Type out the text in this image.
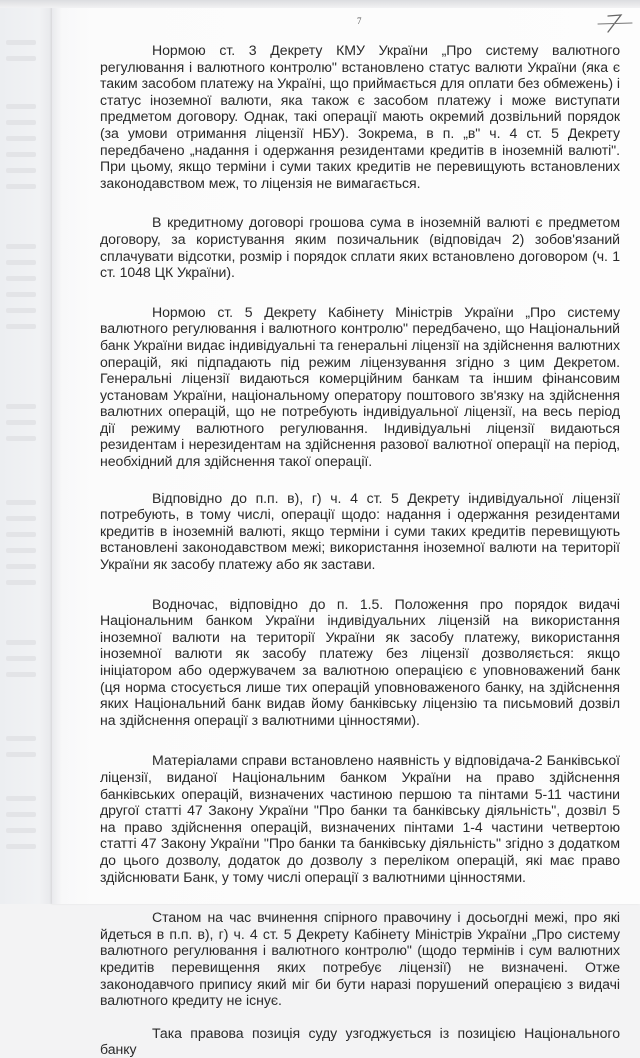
7

Нормою ст. 3 Декрету КМУ України „Про систему валютного регулювання і валютного контролю" встановлено статус валюти України (яка є таким засобом платежу на Україні, що приймається для оплати без обмежень) і статус іноземної валюти, яка також є засобом платежу і може виступати предметом договору. Однак, такі операції мають окремий дозвільний порядок (за умови отримання ліцензії НБУ). Зокрема, в п. „в" ч. 4 ст. 5 Декрету передбачено „надання і одержання резидентами кредитів в іноземній валюті". При цьому, якщо терміни і суми таких кредитів не перевищують встановлених законодавством меж, то ліцензія не вимагається.

В кредитному договорі грошова сума в іноземній валюті є предметом договору, за користування яким позичальник (відповідач 2) зобов'язаний сплачувати відсотки, розмір і порядок сплати яких встановлено договором (ч. 1 ст. 1048 ЦК України).

Нормою ст. 5 Декрету Кабінету Міністрів України „Про систему валютного регулювання і валютного контролю" передбачено, що Національний банк України видає індивідуальні та генеральні ліцензії на здійснення валютних операцій, які підпадають під режим ліцензування згідно з цим Декретом. Генеральні ліцензії видаються комерційним банкам та іншим фінансовим установам України, національному оператору поштового зв'язку на здійснення валютних операцій, що не потребують індивідуальної ліцензії, на весь період дії режиму валютного регулювання. Індивідуальні ліцензії видаються резидентам і нерезидентам на здійснення разової валютної операції на період, необхідний для здійснення такої операції.

Відповідно до п.п. в), г) ч. 4 ст. 5 Декрету індивідуальної ліцензії потребують, в тому числі, операції щодо: надання і одержання резидентами кредитів в іноземній валюті, якщо терміни і суми таких кредитів перевищують встановлені законодавством межі; використання іноземної валюти на території України як засобу платежу або як застави.

Водночас, відповідно до п. 1.5. Положення про порядок видачі Національним банком України індивідуальних ліцензій на використання іноземної валюти на території України як засобу платежу, використання іноземної валюти як засобу платежу без ліцензії дозволяється: якщо ініціатором або одержувачем за валютною операцією є уповноважений банк (ця норма стосується лише тих операцій уповноваженого банку, на здійснення яких Національний банк видав йому банківську ліцензію та письмовий дозвіл на здійснення операції з валютними цінностями).

Матеріалами справи встановлено наявність у відповідача-2 Банківської ліцензії, виданої Національним банком України на право здійснення банківських операцій, визначених частиною першою та пінтами 5-11 частини другої статті 47 Закону України "Про банки та банківську діяльність", дозвіл 5 на право здійснення операцій, визначених пінтами 1-4 частини четвертою статті 47 Закону України "Про банки та банківську діяльність" згідно з додатком до цього дозволу, додаток до дозволу з переліком операцій, які має право здійснювати Банк, у тому числі операції з валютними цінностями.

Станом на час вчинення спірного правочину і досьогдні межі, про які йдеться в п.п. в), г) ч. 4 ст. 5 Декрету Кабінету Міністрів України „Про систему валютного регулювання і валютного контролю" (щодо термінів і сум валютних кредитів перевищення яких потребує ліцензії) не визначені. Отже законодавчого припису який міг би бути наразі порушений операцією з видачі валютного кредиту не існує.

Така правова позиція суду узгоджується із позицією Національного банку
